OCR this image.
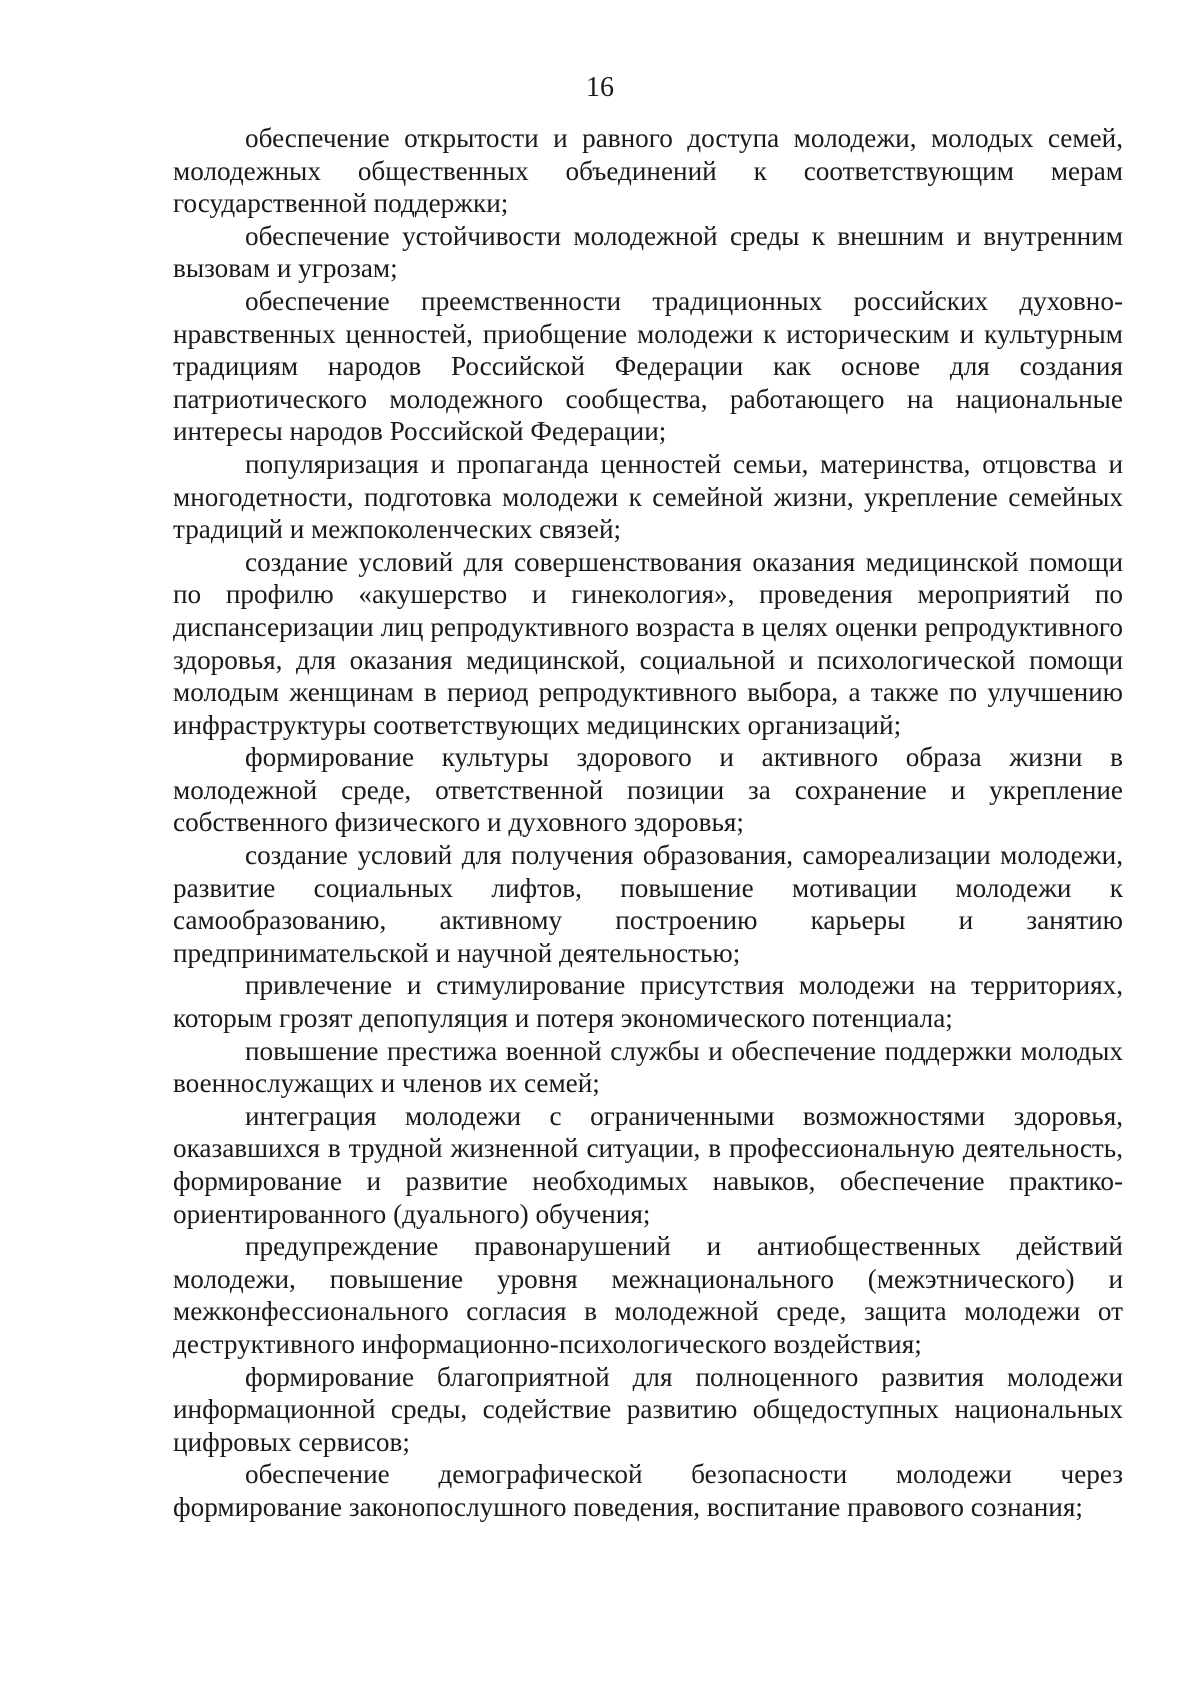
16

обеспечение открытости и равного доступа молодежи, молодых семей, молодежных общественных объединений к соответствующим мерам государственной поддержки;

обеспечение устойчивости молодежной среды к внешним и внутренним вызовам и угрозам;

обеспечение преемственности традиционных российских духовно-нравственных ценностей, приобщение молодежи к историческим и культурным традициям народов Российской Федерации как основе для создания патриотического молодежного сообщества, работающего на национальные интересы народов Российской Федерации;

популяризация и пропаганда ценностей семьи, материнства, отцовства и многодетности, подготовка молодежи к семейной жизни, укрепление семейных традиций и межпоколенческих связей;

создание условий для совершенствования оказания медицинской помощи по профилю «акушерство и гинекология», проведения мероприятий по диспансеризации лиц репродуктивного возраста в целях оценки репродуктивного здоровья, для оказания медицинской, социальной и психологической помощи молодым женщинам в период репродуктивного выбора, а также по улучшению инфраструктуры соответствующих медицинских организаций;

формирование культуры здорового и активного образа жизни в молодежной среде, ответственной позиции за сохранение и укрепление собственного физического и духовного здоровья;

создание условий для получения образования, самореализации молодежи, развитие социальных лифтов, повышение мотивации молодежи к самообразованию, активному построению карьеры и занятию предпринимательской и научной деятельностью;

привлечение и стимулирование присутствия молодежи на территориях, которым грозят депопуляция и потеря экономического потенциала;

повышение престижа военной службы и обеспечение поддержки молодых военнослужащих и членов их семей;

интеграция молодежи с ограниченными возможностями здоровья, оказавшихся в трудной жизненной ситуации, в профессиональную деятельность, формирование и развитие необходимых навыков, обеспечение практико-ориентированного (дуального) обучения;

предупреждение правонарушений и антиобщественных действий молодежи, повышение уровня межнационального (межэтнического) и межконфессионального согласия в молодежной среде, защита молодежи от деструктивного информационно-психологического воздействия;

формирование благоприятной для полноценного развития молодежи информационной среды, содействие развитию общедоступных национальных цифровых сервисов;

обеспечение демографической безопасности молодежи через формирование законопослушного поведения, воспитание правового сознания;
